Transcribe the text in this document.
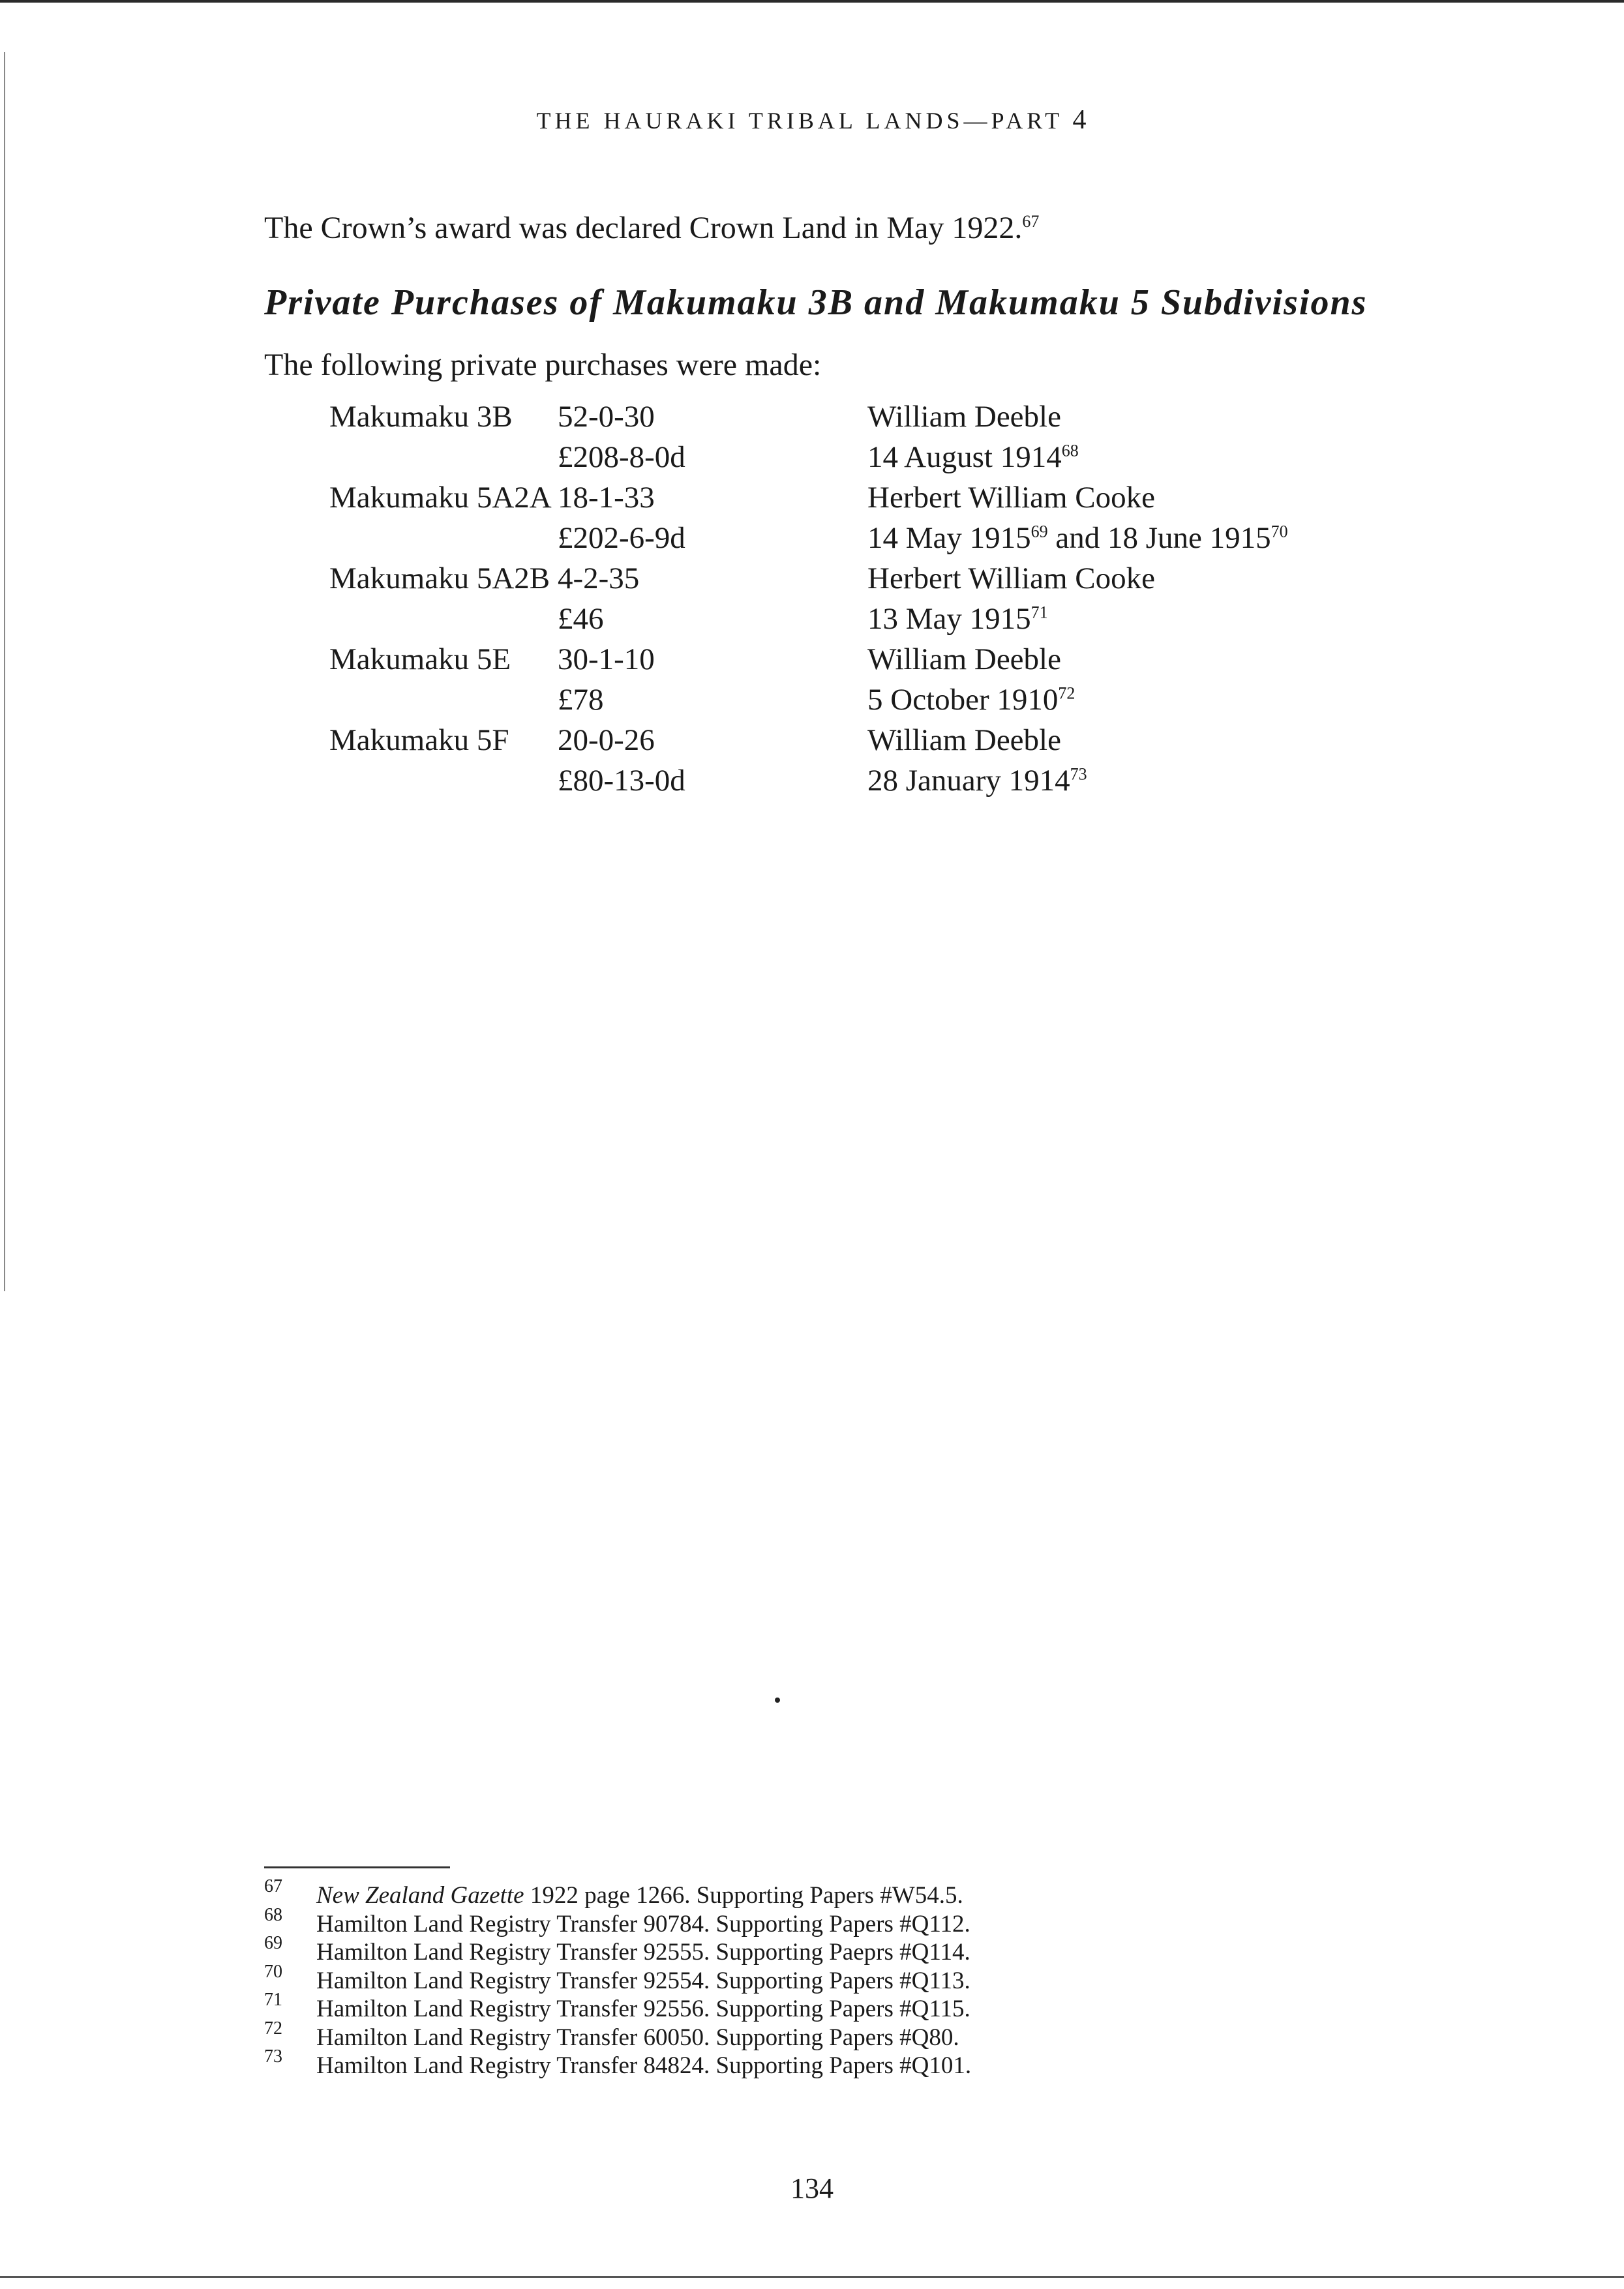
THE HAURAKI TRIBAL LANDS—PART 4
The Crown’s award was declared Crown Land in May 1922.67
Private Purchases of Makumaku 3B and Makumaku 5 Subdivisions
The following private purchases were made:
Makumaku 3B 52-0-30
£208-8-0d
William Deeble
14 August 1914$^{68}$
Makumaku 5A2A 18-1-33
£202-6-9d
Herbert William Cooke
14 May 1915$^{69}$ and 18 June 1915$^{70}$
Makumaku 5A2B 4-2-35
£46
Herbert William Cooke
13 May 1915$^{71}$
Makumaku 5E 30-1-10
£78
William Deeble
5 October 1910$^{72}$
Makumaku 5F 20-0-26
£80-13-0d
William Deeble
28 January 1914$^{73}$
67 New Zealand Gazette 1922 page 1266. Supporting Papers #W54.5.
68 Hamilton Land Registry Transfer 90784. Supporting Papers #Q112.
69 Hamilton Land Registry Transfer 92555. Supporting Paeprs #Q114.
70 Hamilton Land Registry Transfer 92554. Supporting Papers #Q113.
71 Hamilton Land Registry Transfer 92556. Supporting Papers #Q115.
72 Hamilton Land Registry Transfer 60050. Supporting Papers #Q80.
73 Hamilton Land Registry Transfer 84824. Supporting Papers #Q101.
134
